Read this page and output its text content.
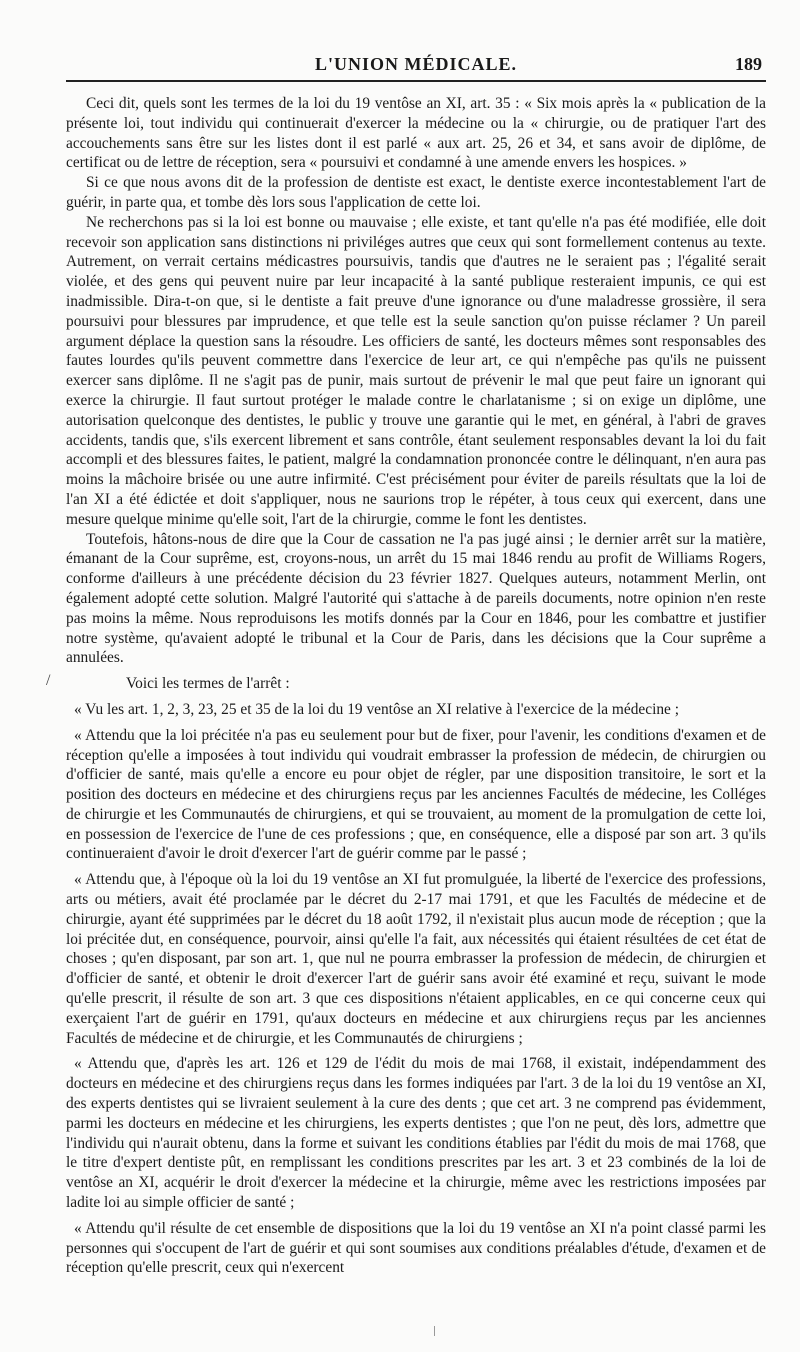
L'UNION MÉDICALE.	189

Ceci dit, quels sont les termes de la loi du 19 ventôse an XI, art. 35 : « Six mois après la « publication de la présente loi, tout individu qui continuerait d'exercer la médecine ou la « chirurgie, ou de pratiquer l'art des accouchements sans être sur les listes dont il est parlé « aux art. 25, 26 et 34, et sans avoir de diplôme, de certificat ou de lettre de réception, sera « poursuivi et condamné à une amende envers les hospices. »

Si ce que nous avons dit de la profession de dentiste est exact, le dentiste exerce incontestablement l'art de guérir, in parte qua, et tombe dès lors sous l'application de cette loi.

Ne recherchons pas si la loi est bonne ou mauvaise ; elle existe, et tant qu'elle n'a pas été modifiée, elle doit recevoir son application sans distinctions ni priviléges autres que ceux qui sont formellement contenus au texte. Autrement, on verrait certains médicastres poursuivis, tandis que d'autres ne le seraient pas ; l'égalité serait violée, et des gens qui peuvent nuire par leur incapacité à la santé publique resteraient impunis, ce qui est inadmissible. Dira-t-on que, si le dentiste a fait preuve d'une ignorance ou d'une maladresse grossière, il sera poursuivi pour blessures par imprudence, et que telle est la seule sanction qu'on puisse réclamer ? Un pareil argument déplace la question sans la résoudre. Les officiers de santé, les docteurs mêmes sont responsables des fautes lourdes qu'ils peuvent commettre dans l'exercice de leur art, ce qui n'empêche pas qu'ils ne puissent exercer sans diplôme. Il ne s'agit pas de punir, mais surtout de prévenir le mal que peut faire un ignorant qui exerce la chirurgie. Il faut surtout protéger le malade contre le charlatanisme ; si on exige un diplôme, une autorisation quelconque des dentistes, le public y trouve une garantie qui le met, en général, à l'abri de graves accidents, tandis que, s'ils exercent librement et sans contrôle, étant seulement responsables devant la loi du fait accompli et des blessures faites, le patient, malgré la condamnation prononcée contre le délinquant, n'en aura pas moins la mâchoire brisée ou une autre infirmité. C'est précisément pour éviter de pareils résultats que la loi de l'an XI a été édictée et doit s'appliquer, nous ne saurions trop le répéter, à tous ceux qui exercent, dans une mesure quelque minime qu'elle soit, l'art de la chirurgie, comme le font les dentistes.

Toutefois, hâtons-nous de dire que la Cour de cassation ne l'a pas jugé ainsi ; le dernier arrêt sur la matière, émanant de la Cour suprême, est, croyons-nous, un arrêt du 15 mai 1846 rendu au profit de Williams Rogers, conforme d'ailleurs à une précédente décision du 23 février 1827. Quelques auteurs, notamment Merlin, ont également adopté cette solution. Malgré l'autorité qui s'attache à de pareils documents, notre opinion n'en reste pas moins la même. Nous reproduisons les motifs donnés par la Cour en 1846, pour les combattre et justifier notre système, qu'avaient adopté le tribunal et la Cour de Paris, dans les décisions que la Cour suprême a annulées.

Voici les termes de l'arrêt :

« Vu les art. 1, 2, 3, 23, 25 et 35 de la loi du 19 ventôse an XI relative à l'exercice de la médecine ;

« Attendu que la loi précitée n'a pas eu seulement pour but de fixer, pour l'avenir, les conditions d'examen et de réception qu'elle a imposées à tout individu qui voudrait embrasser la profession de médecin, de chirurgien ou d'officier de santé, mais qu'elle a encore eu pour objet de régler, par une disposition transitoire, le sort et la position des docteurs en médecine et des chirurgiens reçus par les anciennes Facultés de médecine, les Colléges de chirurgie et les Communautés de chirurgiens, et qui se trouvaient, au moment de la promulgation de cette loi, en possession de l'exercice de l'une de ces professions ; que, en conséquence, elle a disposé par son art. 3 qu'ils continueraient d'avoir le droit d'exercer l'art de guérir comme par le passé ;

« Attendu que, à l'époque où la loi du 19 ventôse an XI fut promulguée, la liberté de l'exercice des professions, arts ou métiers, avait été proclamée par le décret du 2-17 mai 1791, et que les Facultés de médecine et de chirurgie, ayant été supprimées par le décret du 18 août 1792, il n'existait plus aucun mode de réception ; que la loi précitée dut, en conséquence, pourvoir, ainsi qu'elle l'a fait, aux nécessités qui étaient résultées de cet état de choses ; qu'en disposant, par son art. 1, que nul ne pourra embrasser la profession de médecin, de chirurgien et d'officier de santé, et obtenir le droit d'exercer l'art de guérir sans avoir été examiné et reçu, suivant le mode qu'elle prescrit, il résulte de son art. 3 que ces dispositions n'étaient applicables, en ce qui concerne ceux qui exerçaient l'art de guérir en 1791, qu'aux docteurs en médecine et aux chirurgiens reçus par les anciennes Facultés de médecine et de chirurgie, et les Communautés de chirurgiens ;

« Attendu que, d'après les art. 126 et 129 de l'édit du mois de mai 1768, il existait, indépendamment des docteurs en médecine et des chirurgiens reçus dans les formes indiquées par l'art. 3 de la loi du 19 ventôse an XI, des experts dentistes qui se livraient seulement à la cure des dents ; que cet art. 3 ne comprend pas évidemment, parmi les docteurs en médecine et les chirurgiens, les experts dentistes ; que l'on ne peut, dès lors, admettre que l'individu qui n'aurait obtenu, dans la forme et suivant les conditions établies par l'édit du mois de mai 1768, que le titre d'expert dentiste pût, en remplissant les conditions prescrites par les art. 3 et 23 combinés de la loi de ventôse an XI, acquérir le droit d'exercer la médecine et la chirurgie, même avec les restrictions imposées par ladite loi au simple officier de santé ;

« Attendu qu'il résulte de cet ensemble de dispositions que la loi du 19 ventôse an XI n'a point classé parmi les personnes qui s'occupent de l'art de guérir et qui sont soumises aux conditions préalables d'étude, d'examen et de réception qu'elle prescrit, ceux qui n'exercent

/
